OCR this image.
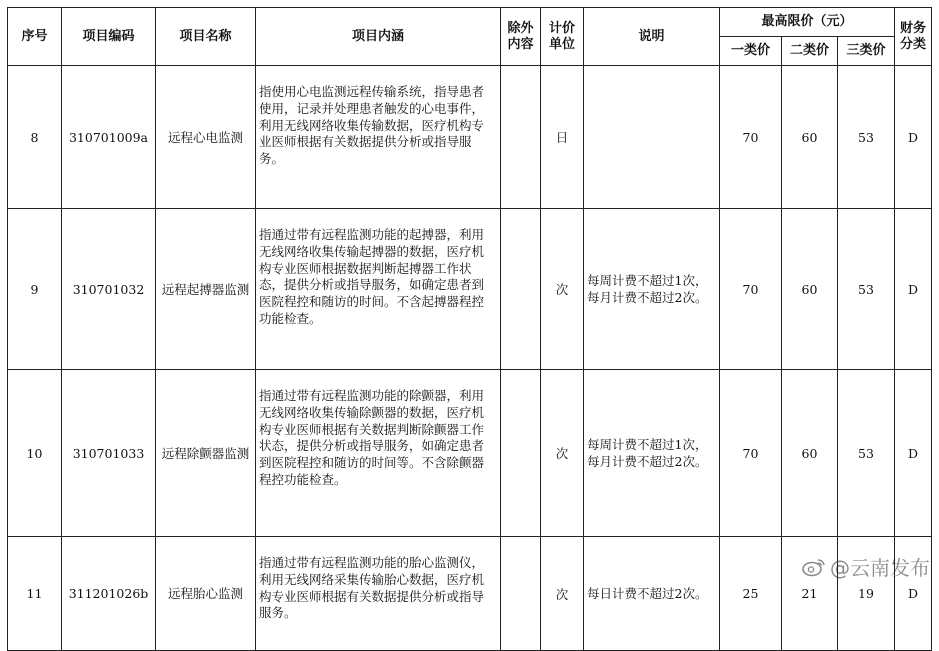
序号	项目编码	项目名称	项目内涵	除外内容	计价单位	说明	最高限价（元）			财务分类
							一类价	二类价	三类价	
8	310701009a	远程心电监测	指使用心电监测远程传输系统，指导患者使用，记录并处理患者触发的心电事件，利用无线网络收集传输数据，医疗机构专业医师根据有关数据提供分析或指导服务。		日		70	60	53	D
9	310701032	远程起搏器监测	指通过带有远程监测功能的起搏器，利用无线网络收集传输起搏器的数据，医疗机构专业医师根据数据判断起搏器工作状态，提供分析或指导服务，如确定患者到医院程控和随访的时间。不含起搏器程控功能检查。		次	每周计费不超过1次，每月计费不超过2次。	70	60	53	D
10	310701033	远程除颤器监测	指通过带有远程监测功能的除颤器，利用无线网络收集传输除颤器的数据，医疗机构专业医师根据有关数据判断除颤器工作状态，提供分析或指导服务，如确定患者到医院程控和随访的时间等。不含除颤器程控功能检查。		次	每周计费不超过1次，每月计费不超过2次。	70	60	53	D
11	311201026b	远程胎心监测	指通过带有远程监测功能的胎心监测仪，利用无线网络采集传输胎心数据，医疗机构专业医师根据有关数据提供分析或指导服务。		次	每日计费不超过2次。	25	21	19	D
@云南发布
